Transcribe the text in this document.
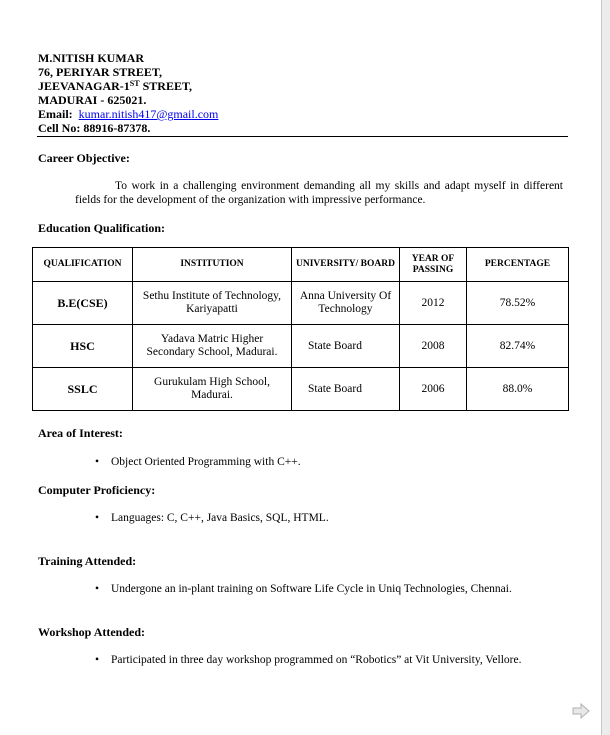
M.NITISH KUMAR
76, PERIYAR STREET,
JEEVANAGAR-1ST STREET,
MADURAI - 625021.
Email: kumar.nitish417@gmail.com
Cell No: 88916-87378.
Career Objective:
To work in a challenging environment demanding all my skills and adapt myself in different fields for the development of the organization with impressive performance.
Education Qualification:
QUALIFICATION	INSTITUTION	UNIVERSITY/ BOARD	YEAR OF PASSING	PERCENTAGE
B.E(CSE)	Sethu Institute of Technology, Kariyapatti	Anna University Of Technology	2012	78.52%
HSC	Yadava Matric Higher Secondary School, Madurai.	State Board	2008	82.74%
SSLC	Gurukulam High School, Madurai.	State Board	2006	88.0%
Area of Interest:
• Object Oriented Programming with C++.
Computer Proficiency:
• Languages: C, C++, Java Basics, SQL, HTML.
Training Attended:
• Undergone an in-plant training on Software Life Cycle in Uniq Technologies, Chennai.
Workshop Attended:
• Participated in three day workshop programmed on “Robotics” at Vit University, Vellore.
